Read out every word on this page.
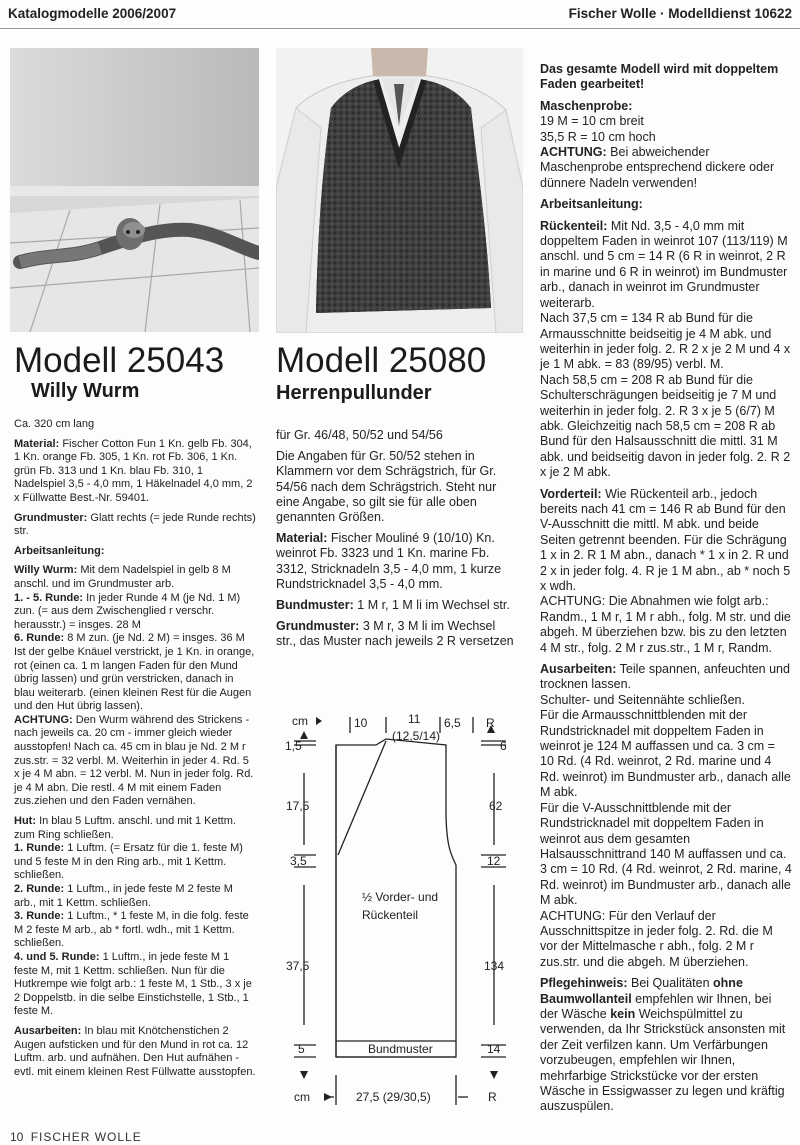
Katalogmodelle 2006/2007	Fischer Wolle · Modelldienst 10622
Modell 25043
Willy Wurm

Ca. 320 cm lang

Material: Fischer Cotton Fun 1 Kn. gelb Fb. 304, 1 Kn. orange Fb. 305, 1 Kn. rot Fb. 306, 1 Kn. grün Fb. 313 und 1 Kn. blau Fb. 310, 1 Nadelspiel 3,5 - 4,0 mm, 1 Häkelnadel 4,0 mm, 2 x Füllwatte Best.-Nr. 59401.

Grundmuster: Glatt rechts (= jede Runde rechts) str.

Arbeitsanleitung:

Willy Wurm: Mit dem Nadelspiel in gelb 8 M anschl. und im Grundmuster arb.

1. - 5. Runde: In jeder Runde 4 M (je Nd. 1 M) zun. (= aus dem Zwischenglied r verschr. herausstr.) = insges. 28 M

6. Runde: 8 M zun. (je Nd. 2 M) = insges. 36 M Ist der gelbe Knäuel verstrickt, je 1 Kn. in orange, rot (einen ca. 1 m langen Faden für den Mund übrig lassen) und grün verstricken, danach in blau weiterarb. (einen kleinen Rest für die Augen und den Hut übrig lassen).

ACHTUNG: Den Wurm während des Strickens - nach jeweils ca. 20 cm - immer gleich wieder ausstopfen! Nach ca. 45 cm in blau je Nd. 2 M r zus.str. = 32 verbl. M. Weiterhin in jeder 4. Rd. 5 x je 4 M abn. = 12 verbl. M. Nun in jeder folg. Rd. je 4 M abn. Die restl. 4 M mit einem Faden zus.ziehen und den Faden vernähen.

Hut: In blau 5 Luftm. anschl. und mit 1 Kettm. zum Ring schließen.

1. Runde: 1 Luftm. (= Ersatz für die 1. feste M) und 5 feste M in den Ring arb., mit 1 Kettm. schließen.

2. Runde: 1 Luftm., in jede feste M 2 feste M arb., mit 1 Kettm. schließen.

3. Runde: 1 Luftm., * 1 feste M, in die folg. feste M 2 feste M arb., ab * fortl. wdh., mit 1 Kettm. schließen.

4. und 5. Runde: 1 Luftm., in jede feste M 1 feste M, mit 1 Kettm. schließen. Nun für die Hutkrempe wie folgt arb.: 1 feste M, 1 Stb., 3 x je 2 Doppelstb. in die selbe Einstichstelle, 1 Stb., 1 feste M.

Ausarbeiten: In blau mit Knötchenstichen 2 Augen aufsticken und für den Mund in rot ca. 12 Luftm. arb. und aufnähen. Den Hut aufnähen - evtl. mit einem kleinen Rest Füllwatte ausstopfen.

Modell 25080
Herrenpullunder

für Gr. 46/48, 50/52 und 54/56

Die Angaben für Gr. 50/52 stehen in Klammern vor dem Schrägstrich, für Gr. 54/56 nach dem Schrägstrich. Steht nur eine Angabe, so gilt sie für alle oben genannten Größen.

Material: Fischer Mouliné 9 (10/10) Kn. weinrot Fb. 3323 und 1 Kn. marine Fb. 3312, Stricknadeln 3,5 - 4,0 mm, 1 kurze Rundstricknadel 3,5 - 4,0 mm.

Bundmuster: 1 M r, 1 M li im Wechsel str.

Grundmuster: 3 M r, 3 M li im Wechsel str., das Muster nach jeweils 2 R versetzen

cm	10	11
(12,5/14)
6,5 R
1,5
17,5
3,5
37,5
5
6
62
12
134
14
½ Vorder- und
Rückenteil
Bundmuster
27,5 (29/30,5)
cm	R

Das gesamte Modell wird mit doppeltem Faden gearbeitet!

Maschenprobe:

19 M = 10 cm breit

35,5 R = 10 cm hoch

ACHTUNG: Bei abweichender Maschenprobe entsprechend dickere oder dünnere Nadeln verwenden!

Arbeitsanleitung:

Rückenteil: Mit Nd. 3,5 - 4,0 mm mit doppeltem Faden in weinrot 107 (113/119) M anschl. und 5 cm = 14 R (6 R in weinrot, 2 R in marine und 6 R in weinrot) im Bundmuster arb., danach in weinrot im Grundmuster weiterarb.

Nach 37,5 cm = 134 R ab Bund für die Armausschnitte beidseitig je 4 M abk. und weiterhin in jeder folg. 2. R 2 x je 2 M und 4 x je 1 M abk. = 83 (89/95) verbl. M.

Nach 58,5 cm = 208 R ab Bund für die Schulterschrägungen beidseitig je 7 M und weiterhin in jeder folg. 2. R 3 x je 5 (6/7) M abk. Gleichzeitig nach 58,5 cm = 208 R ab Bund für den Halsausschnitt die mittl. 31 M abk. und beidseitig davon in jeder folg. 2. R 2 x je 2 M abk.

Vorderteil: Wie Rückenteil arb., jedoch bereits nach 41 cm = 146 R ab Bund für den V-Ausschnitt die mittl. M abk. und beide Seiten getrennt beenden. Für die Schrägung 1 x in 2. R 1 M abn., danach * 1 x in 2. R und 2 x in jeder folg. 4. R je 1 M abn., ab * noch 5 x wdh.

ACHTUNG: Die Abnahmen wie folgt arb.: Randm., 1 M r, 1 M r abh., folg. M str. und die abgeh. M überziehen bzw. bis zu den letzten 4 M str., folg. 2 M r zus.str., 1 M r, Randm.

Ausarbeiten: Teile spannen, anfeuchten und trocknen lassen.

Schulter- und Seitennähte schließen.

Für die Armausschnittblenden mit der Rundstricknadel mit doppeltem Faden in weinrot je 124 M auffassen und ca. 3 cm = 10 Rd. (4 Rd. weinrot, 2 Rd. marine und 4 Rd. weinrot) im Bundmuster arb., danach alle M abk.

Für die V-Ausschnittblende mit der Rundstricknadel mit doppeltem Faden in weinrot aus dem gesamten Halsausschnittrand 140 M auffassen und ca. 3 cm = 10 Rd. (4 Rd. weinrot, 2 Rd. marine, 4 Rd. weinrot) im Bundmuster arb., danach alle M abk.

ACHTUNG: Für den Verlauf der Ausschnittspitze in jeder folg. 2. Rd. die M vor der Mittelmasche r abh., folg. 2 M r zus.str. und die abgeh. M überziehen.

Pflegehinweis: Bei Qualitäten ohne Baumwollanteil empfehlen wir Ihnen, bei der Wäsche kein Weichspülmittel zu verwenden, da Ihr Strickstück ansonsten mit der Zeit verfilzen kann. Um Verfärbungen vorzubeugen, empfehlen wir Ihnen, mehrfarbige Strickstücke vor der ersten Wäsche in Essigwasser zu legen und kräftig auszuspülen.

10 FISCHER WOLLE
